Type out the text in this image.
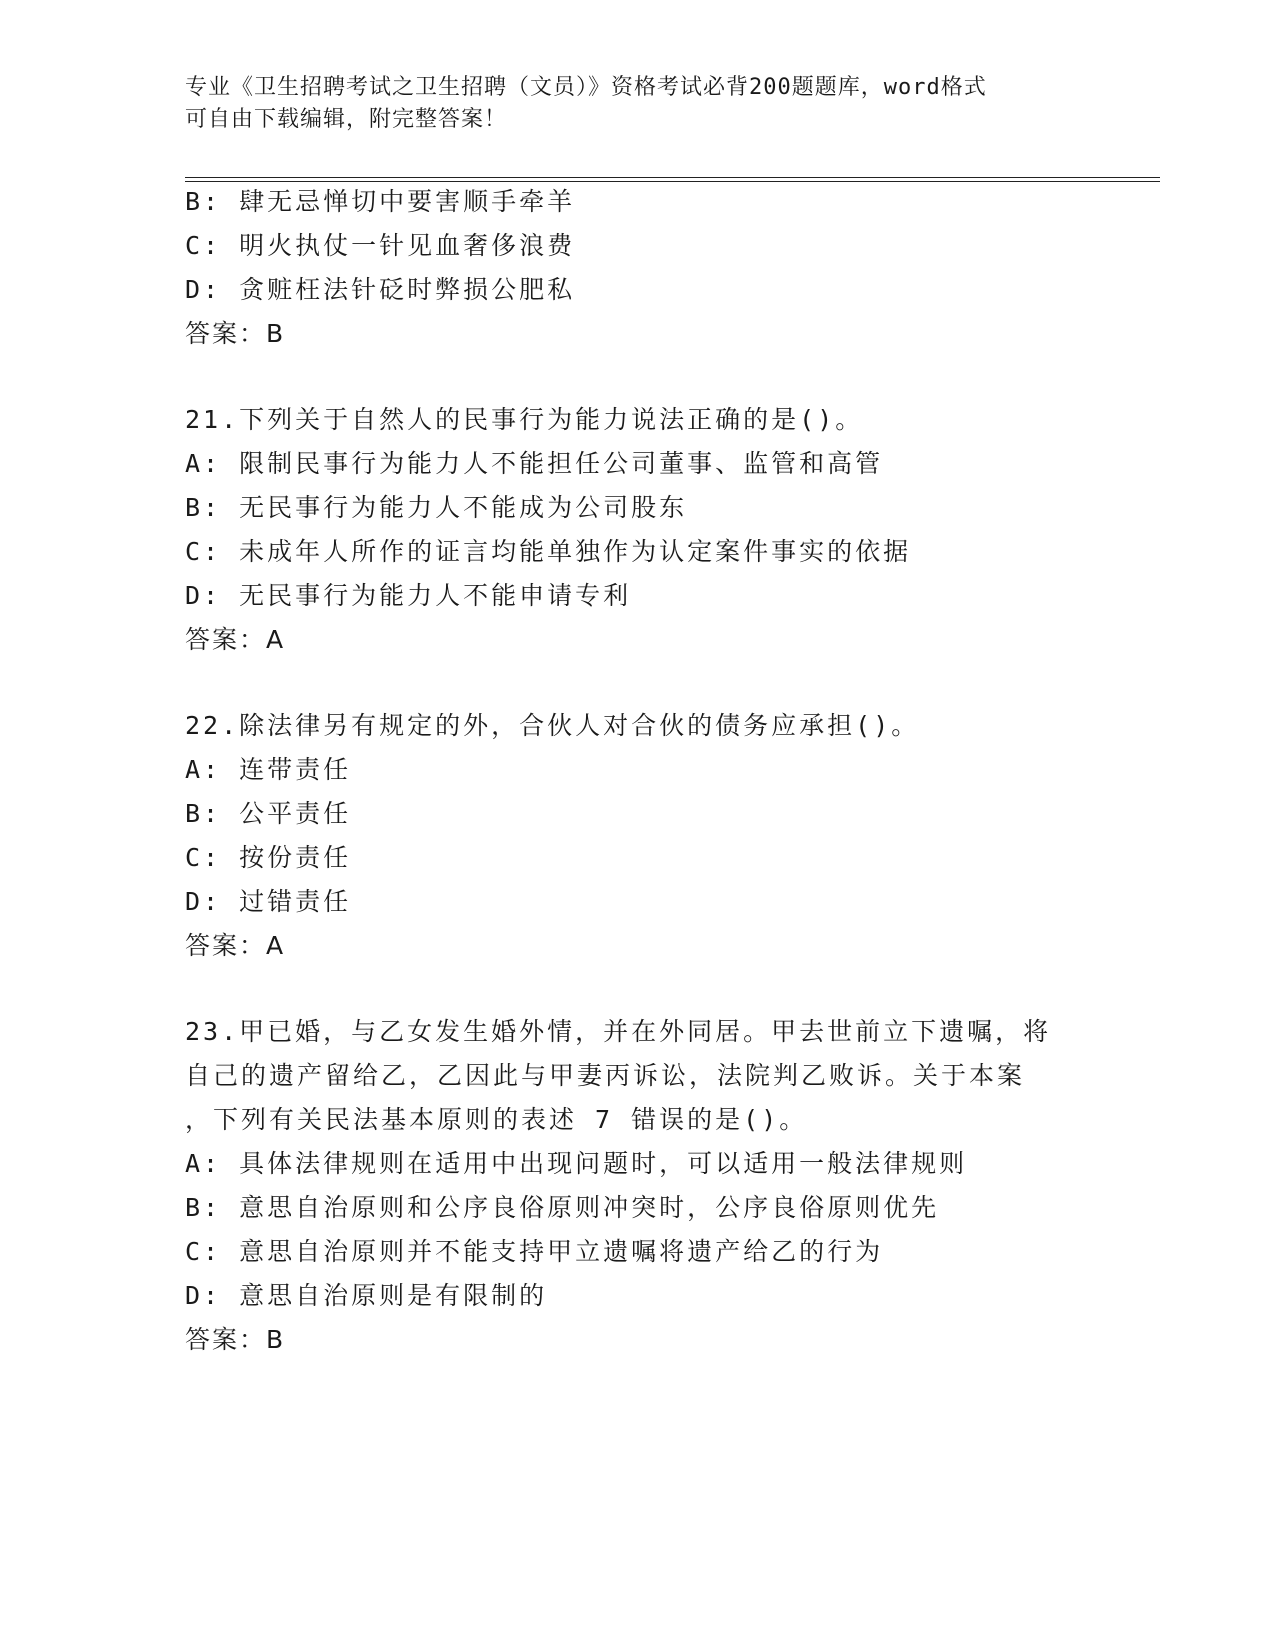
专业《卫生招聘考试之卫生招聘（文员）》资格考试必背200题题库，word格式
可自由下载编辑，附完整答案！
B: 肆无忌惮切中要害顺手牵羊
C: 明火执仗一针见血奢侈浪费
D: 贪赃枉法针砭时弊损公肥私
答案：B
21.下列关于自然人的民事行为能力说法正确的是()。
A: 限制民事行为能力人不能担任公司董事、监管和高管
B: 无民事行为能力人不能成为公司股东
C: 未成年人所作的证言均能单独作为认定案件事实的依据
D: 无民事行为能力人不能申请专利
答案：A
22.除法律另有规定的外，合伙人对合伙的债务应承担()。
A: 连带责任
B: 公平责任
C: 按份责任
D: 过错责任
答案：A
23.甲已婚，与乙女发生婚外情，并在外同居。甲去世前立下遗嘱，将
自己的遗产留给乙，乙因此与甲妻丙诉讼，法院判乙败诉。关于本案
，下列有关民法基本原则的表述 7 错误的是()。
A: 具体法律规则在适用中出现问题时，可以适用一般法律规则
B: 意思自治原则和公序良俗原则冲突时，公序良俗原则优先
C: 意思自治原则并不能支持甲立遗嘱将遗产给乙的行为
D: 意思自治原则是有限制的
答案：B
